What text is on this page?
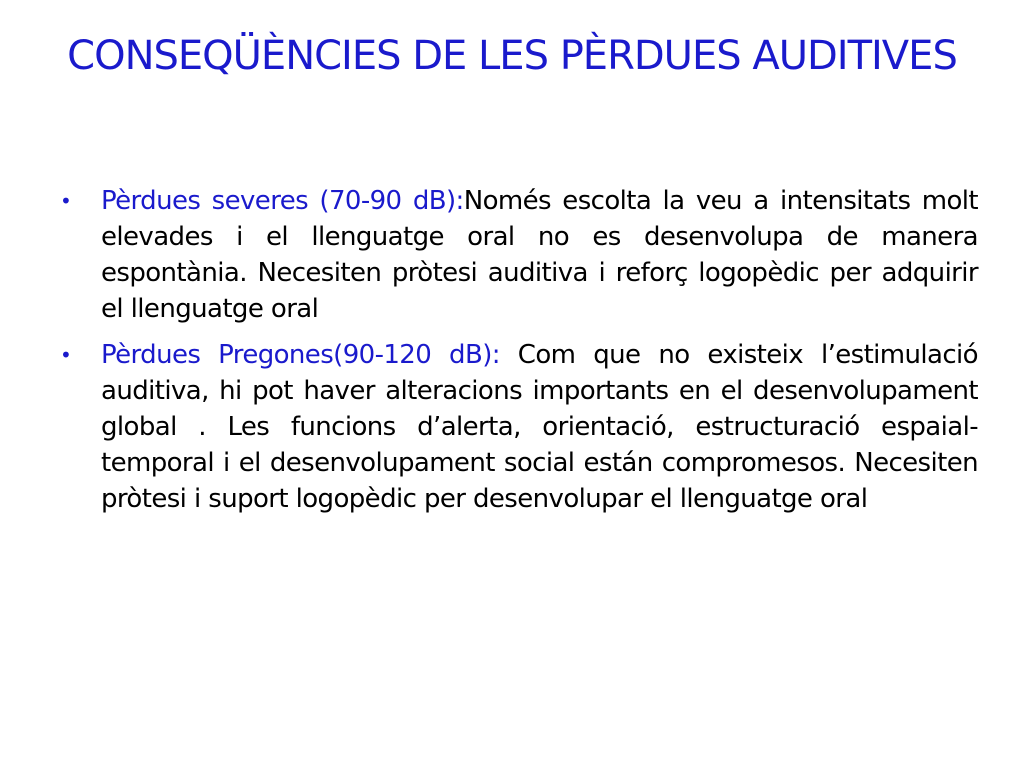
CONSEQÜÈNCIES DE LES PÈRDUES AUDITIVES
• Pèrdues severes (70-90 dB):Només escolta la veu a intensitats molt elevades i el llenguatge oral no es desenvolupa de manera espontània. Necesiten pròtesi auditiva i reforç logopèdic per adquirir el llenguatge oral
• Pèrdues Pregones(90-120 dB): Com que no existeix l’estimulació auditiva, hi pot haver alteracions importants en el desenvolupament global . Les funcions d’alerta, orientació, estructuració espaial-temporal i el desenvolupament social están compromesos. Necesiten pròtesi i suport logopèdic per desenvolupar el llenguatge oral
